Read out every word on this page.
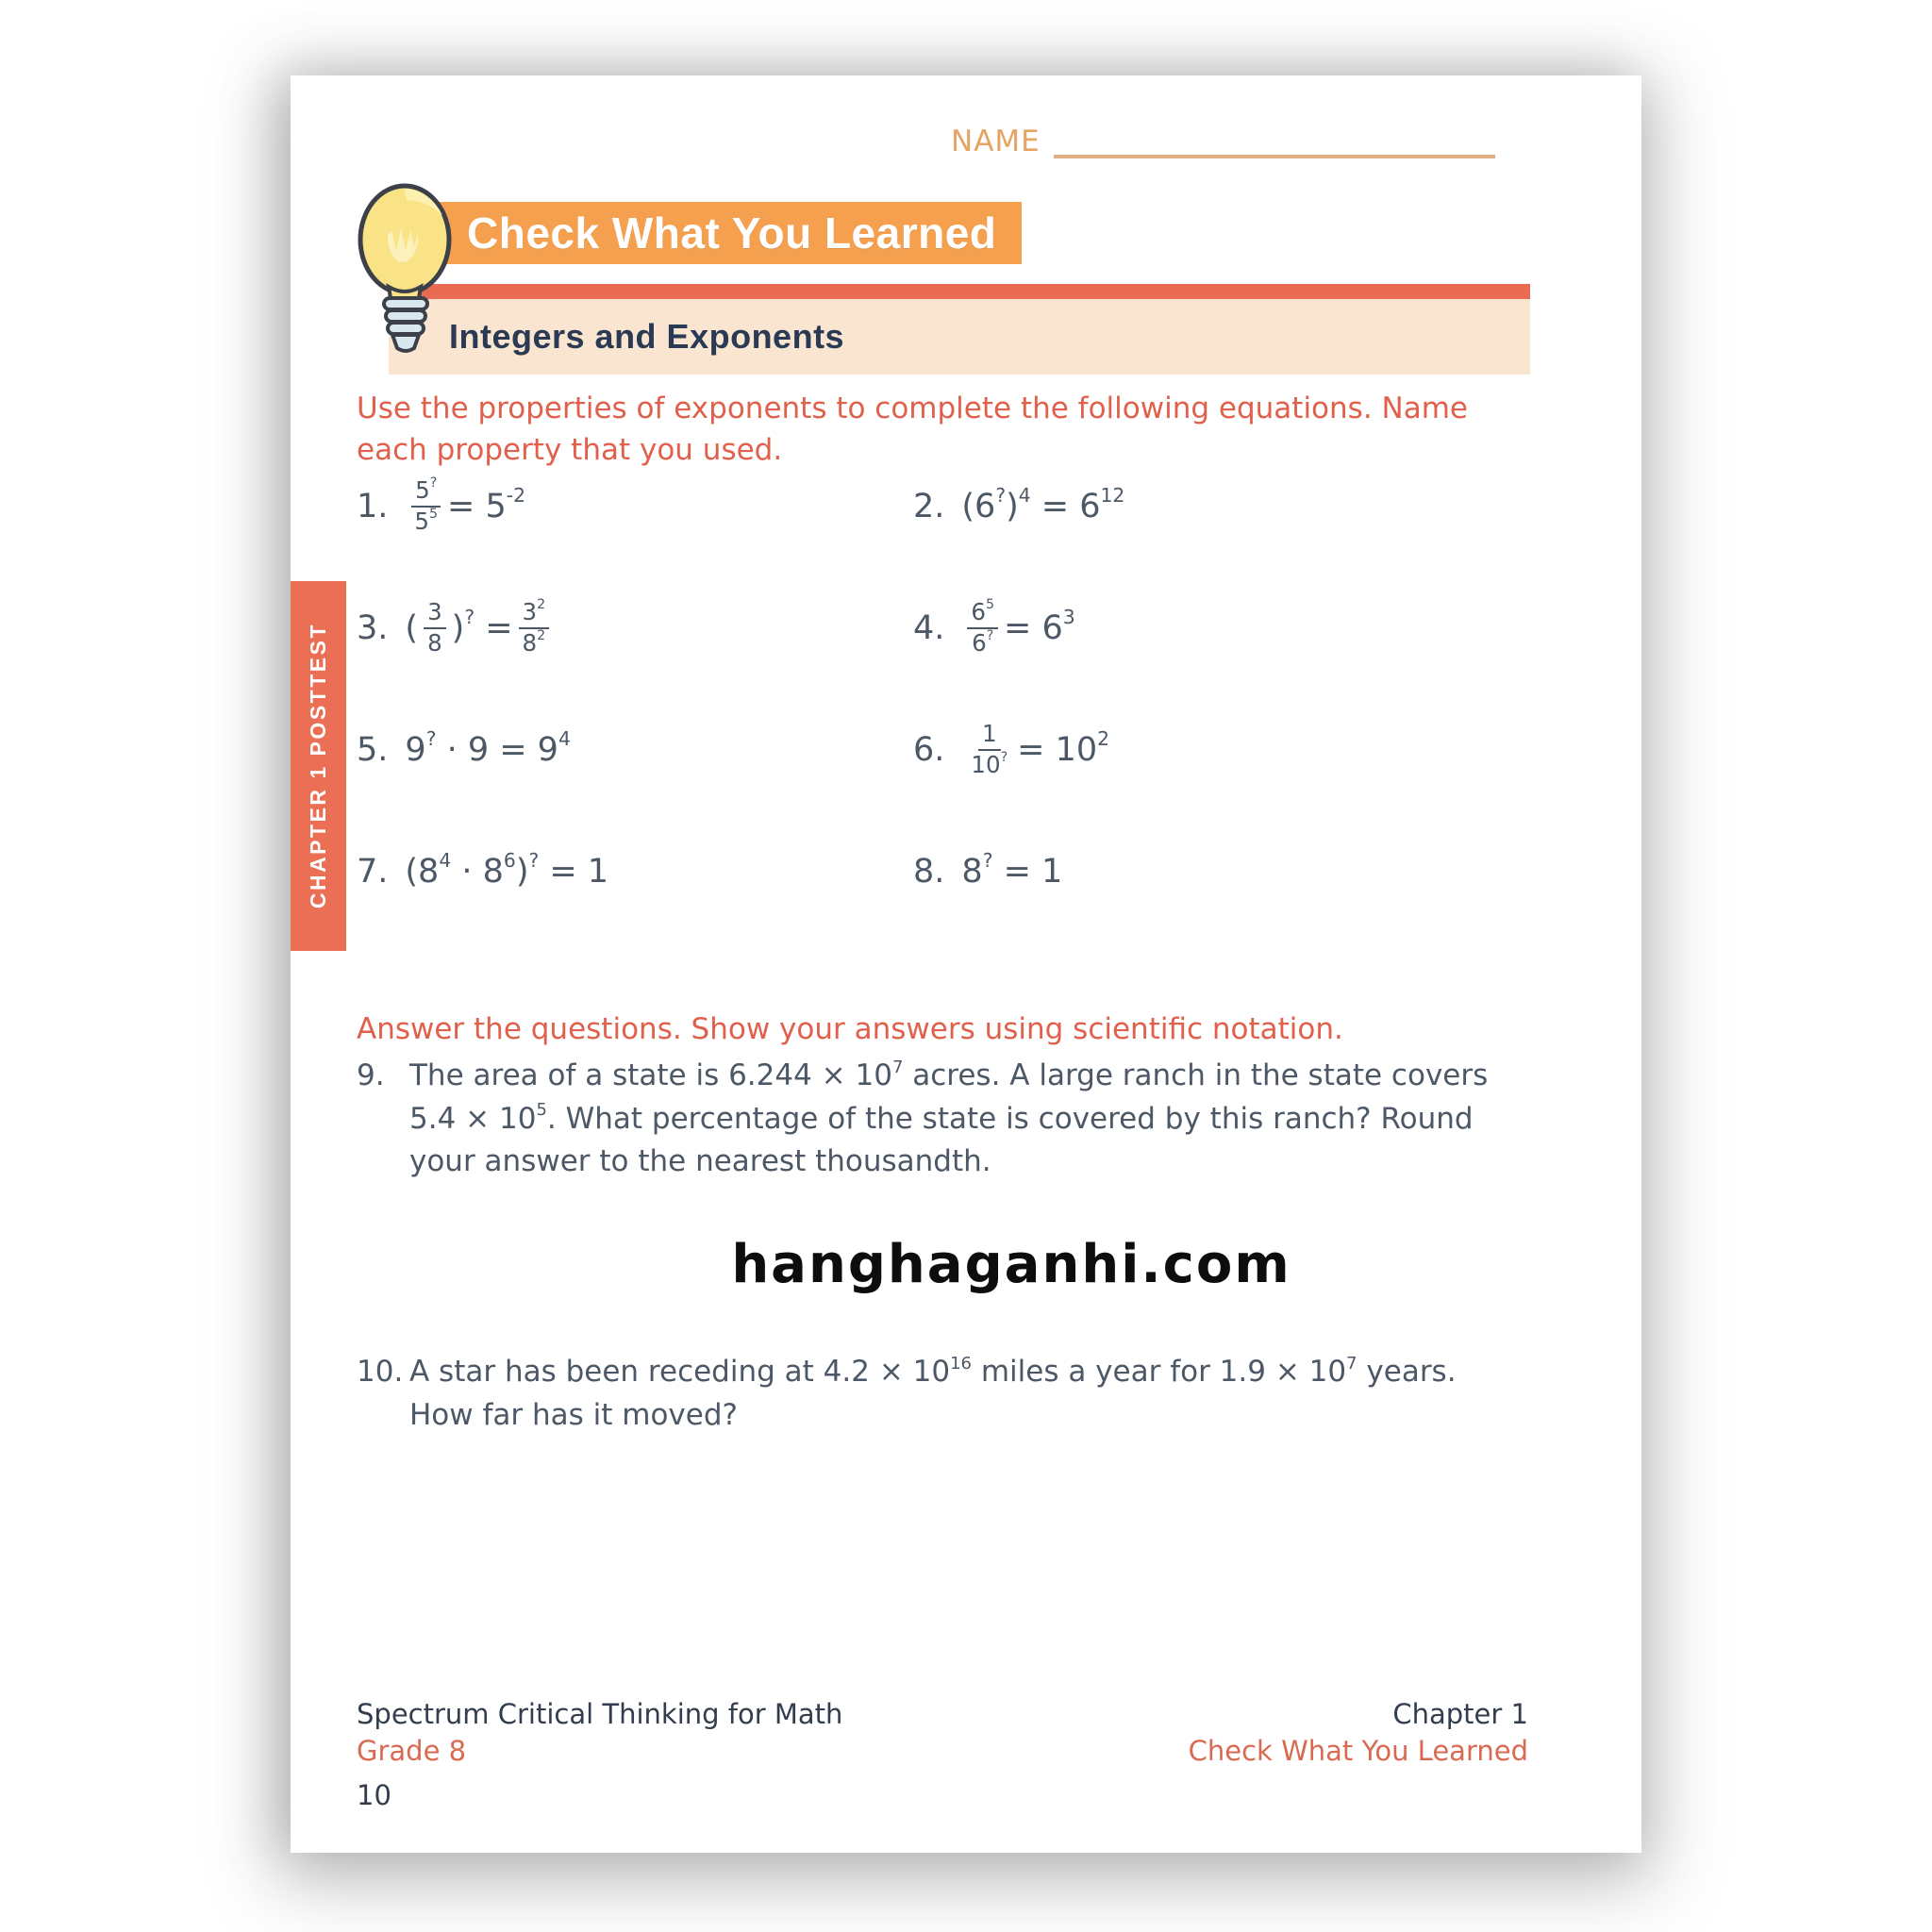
NAME
Check What You Learned
Integers and Exponents
CHAPTER 1 POSTTEST

Use the properties of exponents to complete the following equations. Name each property that you used.

1. $\frac{5^?}{5^5} = 5^{-2}$	2. $(6^?)^4 = 6^{12}$
3. ( $\frac{3}{8} )^? = \frac{3^2}{8^2}$	4. $\frac{6^5}{6^?} = 6^3$
5. $9^? \cdot 9 = 9^4$	6. $\frac{1}{10^?} = 10^2$
7. $(8^4 \cdot 8^6)^? = 1$	8. 8? = 1

Answer the questions. Show your answers using scientific notation.

9. The area of a state is $6.244 \times 10^7$ acres. A large ranch in the state covers $5.4 \times 10^5$. What percentage of the state is covered by this ranch? Round your answer to the nearest thousandth.
hanghaganhi.com
10. A star has been receding at $4.2 \times 10^{16}$ miles a year for $1.9 \times 10^7$ years. How far has it moved?
Spectrum Critical Thinking for Math
Grade 8
10
Chapter 1
Check What You Learned
